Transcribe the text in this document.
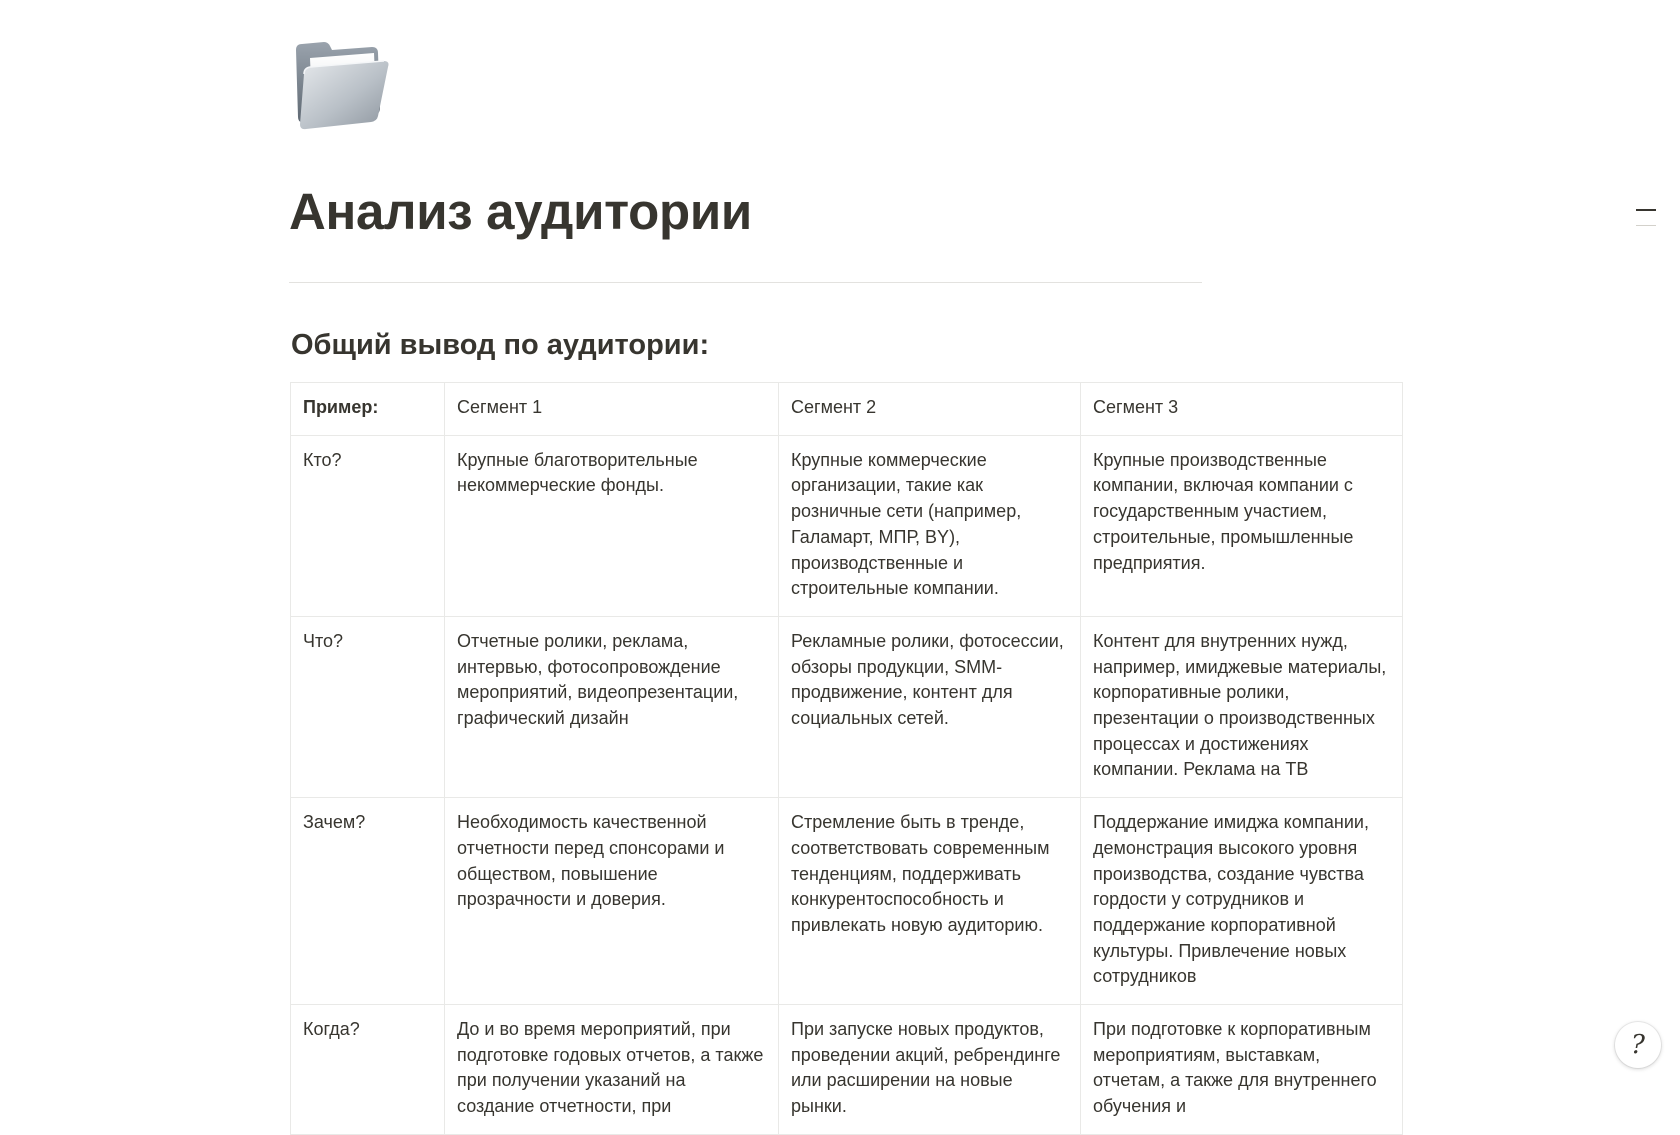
Анализ аудитории
Общий вывод по аудитории:
Пример:	Сегмент 1	Сегмент 2	Сегмент 3
Кто?	Крупные благотворительные некоммерческие фонды.	Крупные коммерческие организации, такие как розничные сети (например, Галамарт, МПР, BY), производственные и строительные компании.	Крупные производственные компании, включая компании с государственным участием, строительные, промышленные предприятия.
Что?	Отчетные ролики, реклама, интервью, фотосопровождение мероприятий, видеопрезентации, графический дизайн	Рекламные ролики, фотосессии, обзоры продукции, SMM-продвижение, контент для социальных сетей.	Контент для внутренних нужд, например, имиджевые материалы, корпоративные ролики, презентации о производственных процессах и достижениях компании. Реклама на ТВ
Зачем?	Необходимость качественной отчетности перед спонсорами и обществом, повышение прозрачности и доверия.	Стремление быть в тренде, соответствовать современным тенденциям, поддерживать конкурентоспособность и привлекать новую аудиторию.	Поддержание имиджа компании, демонстрация высокого уровня производства, создание чувства гордости у сотрудников и поддержание корпоративной культуры. Привлечение новых сотрудников
Когда?	До и во время мероприятий, при подготовке годовых отчетов, а также при получении указаний на создание отчетности, при	При запуске новых продуктов, проведении акций, ребрендинге или расширении на новые рынки.	При подготовке к корпоративным мероприятиям, выставкам, отчетам, а также для внутреннего обучения и
?
